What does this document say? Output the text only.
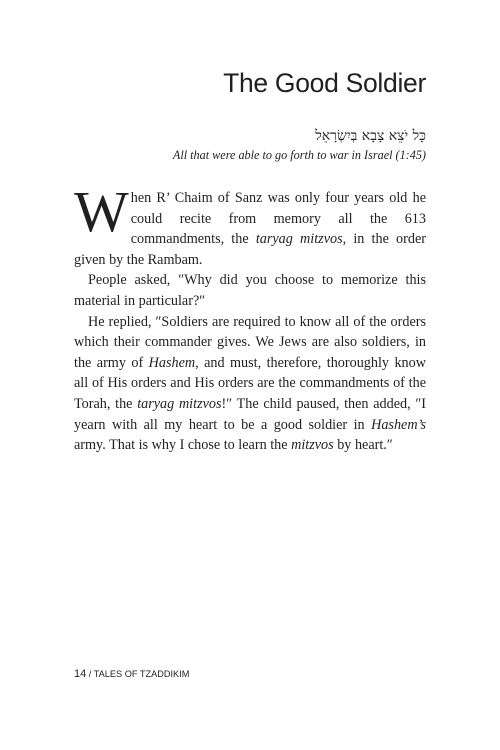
The Good Soldier
כָּל יֹצֵא צָבָא בְּיִשְׂרָאֵל
All that were able to go forth to war in Israel (1:45)

When R’ Chaim of Sanz was only four years old he could recite from memory all the 613 commandments, the taryag mitzvos, in the order given by the Rambam.

People asked, ″Why did you choose to memorize this material in particular?″

He replied, ″Soldiers are required to know all of the orders which their commander gives. We Jews are also soldiers, in the army of Hashem, and must, therefore, thoroughly know all of His orders and His orders are the commandments of the Torah, the taryag mitzvos!″ The child paused, then added, ″I yearn with all my heart to be a good soldier in Hashem’s army. That is why I chose to learn the mitzvos by heart.″

14 / TALES OF TZADDIKIM
